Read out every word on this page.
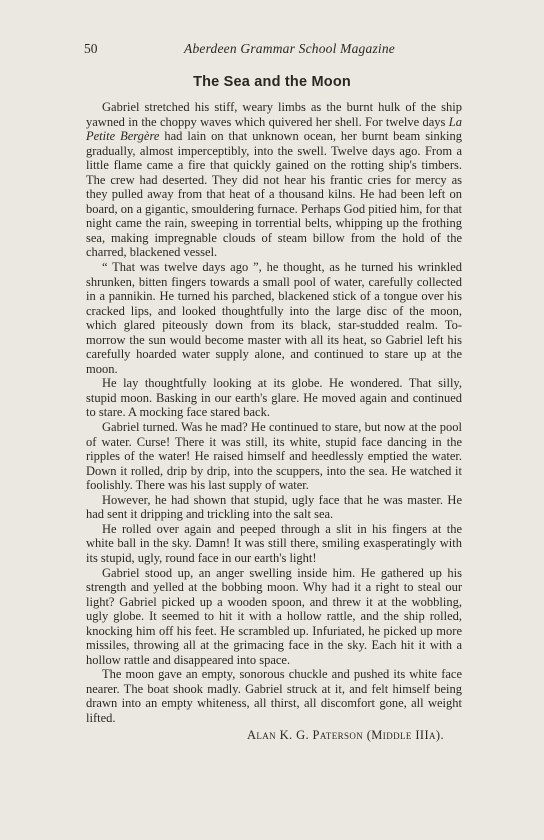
50	Aberdeen Grammar School Magazine
The Sea and the Moon

Gabriel stretched his stiff, weary limbs as the burnt hulk of the ship yawned in the choppy waves which quivered her shell. For twelve days La Petite Bergère had lain on that unknown ocean, her burnt beam sinking gradually, almost imperceptibly, into the swell. Twelve days ago. From a little flame came a fire that quickly gained on the rotting ship's timbers. The crew had deserted. They did not hear his frantic cries for mercy as they pulled away from that heat of a thousand kilns. He had been left on board, on a gigantic, smouldering furnace. Perhaps God pitied him, for that night came the rain, sweeping in torrential belts, whipping up the frothing sea, making impregnable clouds of steam billow from the hold of the charred, blackened vessel.

“ That was twelve days ago ”, he thought, as he turned his wrinkled shrunken, bitten fingers towards a small pool of water, carefully collected in a pannikin. He turned his parched, blackened stick of a tongue over his cracked lips, and looked thoughtfully into the large disc of the moon, which glared piteously down from its black, star-studded realm. To-morrow the sun would become master with all its heat, so Gabriel left his carefully hoarded water supply alone, and continued to stare up at the moon.

He lay thoughtfully looking at its globe. He wondered. That silly, stupid moon. Basking in our earth's glare. He moved again and continued to stare. A mocking face stared back.

Gabriel turned. Was he mad? He continued to stare, but now at the pool of water. Curse! There it was still, its white, stupid face dancing in the ripples of the water! He raised himself and heedlessly emptied the water. Down it rolled, drip by drip, into the scuppers, into the sea. He watched it foolishly. There was his last supply of water.

However, he had shown that stupid, ugly face that he was master. He had sent it dripping and trickling into the salt sea.

He rolled over again and peeped through a slit in his fingers at the white ball in the sky. Damn! It was still there, smiling exasperatingly with its stupid, ugly, round face in our earth's light!

Gabriel stood up, an anger swelling inside him. He gathered up his strength and yelled at the bobbing moon. Why had it a right to steal our light? Gabriel picked up a wooden spoon, and threw it at the wobbling, ugly globe. It seemed to hit it with a hollow rattle, and the ship rolled, knocking him off his feet. He scrambled up. Infuriated, he picked up more missiles, throwing all at the grimacing face in the sky. Each hit it with a hollow rattle and disappeared into space.

The moon gave an empty, sonorous chuckle and pushed its white face nearer. The boat shook madly. Gabriel struck at it, and felt himself being drawn into an empty whiteness, all thirst, all discomfort gone, all weight lifted.

Alan K. G. Paterson (Middle IIIa).
